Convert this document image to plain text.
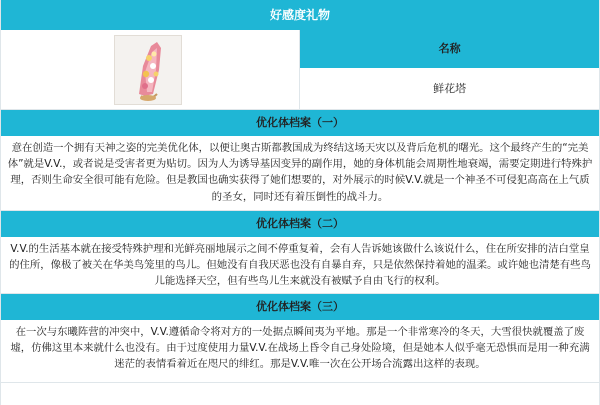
好感度礼物
名称
鲜花塔
优化体档案（一）
意在创造一个拥有天神之姿的完美优化体，以便让奥古斯都教国成为终结这场天灾以及背后危机的曙光。这个最终产生的“完美体”就是V.V.，或者说是受害者更为贴切。因为人为诱导基因变异的副作用，她的身体机能会周期性地衰竭，需要定期进行特殊护理，否则生命安全很可能有危险。但是教国也确实获得了她们想要的，对外展示的时候V.V.就是一个神圣不可侵犯高高在上气质的圣女，同时还有着压倒性的战斗力。
优化体档案（二）
V.V.的生活基本就在接受特殊护理和光鲜亮丽地展示之间不停重复着，会有人告诉她该做什么该说什么，住在所安排的洁白堂皇的住所，像极了被关在华美鸟笼里的鸟儿。但她没有自我厌恶也没有自暴自弃，只是依然保持着她的温柔。或许她也清楚有些鸟儿能选择天空，但有些鸟儿生来就没有被赋予自由飞行的权利。
优化体档案（三）
在一次与东曦阵营的冲突中，V.V.遵循命令将对方的一处据点瞬间夷为平地。那是一个非常寒冷的冬天，大雪很快就覆盖了废墟，仿佛这里本来就什么也没有。由于过度使用力量V.V.在战场上昏令自己身处险境，但是她本人似乎毫无恐惧而是用一种充满迷茫的表情看着近在咫尺的绯红。那是V.V.唯一次在公开场合流露出这样的表现。
